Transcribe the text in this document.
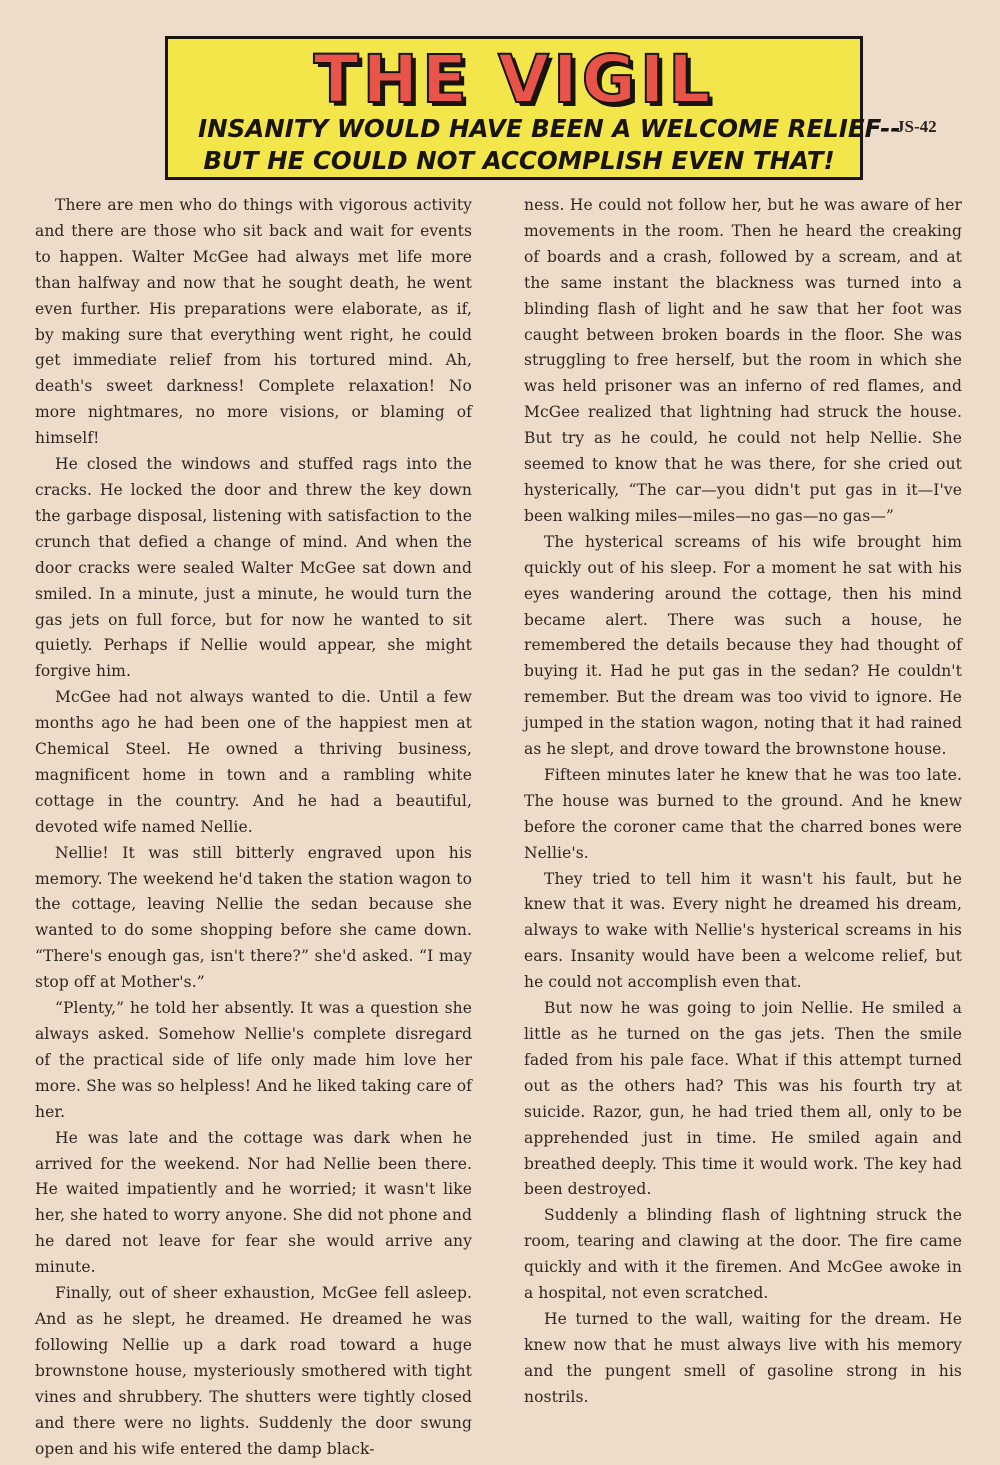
THE VIGIL
INSANITY WOULD HAVE BEEN A WELCOME RELIEF--
BUT HE COULD NOT ACCOMPLISH EVEN THAT!
JS-42

There are men who do things with vigorous activity and there are those who sit back and wait for events to happen. Walter McGee had always met life more than halfway and now that he sought death, he went even further. His preparations were elaborate, as if, by making sure that everything went right, he could get immediate relief from his tortured mind. Ah, death's sweet darkness! Complete relaxation! No more nightmares, no more visions, or blaming of himself!

He closed the windows and stuffed rags into the cracks. He locked the door and threw the key down the garbage disposal, listening with satisfaction to the crunch that defied a change of mind. And when the door cracks were sealed Walter McGee sat down and smiled. In a minute, just a minute, he would turn the gas jets on full force, but for now he wanted to sit quietly. Perhaps if Nellie would appear, she might forgive him.

McGee had not always wanted to die. Until a few months ago he had been one of the happiest men at Chemical Steel. He owned a thriving business, magnificent home in town and a rambling white cottage in the country. And he had a beautiful, devoted wife named Nellie.

Nellie! It was still bitterly engraved upon his memory. The weekend he'd taken the station wagon to the cottage, leaving Nellie the sedan because she wanted to do some shopping before she came down. “There's enough gas, isn't there?” she'd asked. “I may stop off at Mother's.”

“Plenty,” he told her absently. It was a question she always asked. Somehow Nellie's complete disregard of the practical side of life only made him love her more. She was so helpless! And he liked taking care of her.

He was late and the cottage was dark when he arrived for the weekend. Nor had Nellie been there. He waited impatiently and he worried; it wasn't like her, she hated to worry anyone. She did not phone and he dared not leave for fear she would arrive any minute.

Finally, out of sheer exhaustion, McGee fell asleep. And as he slept, he dreamed. He dreamed he was following Nellie up a dark road toward a huge brownstone house, mysteriously smothered with tight vines and shrubbery. The shutters were tightly closed and there were no lights. Suddenly the door swung open and his wife entered the damp black-

ness. He could not follow her, but he was aware of her movements in the room. Then he heard the creaking of boards and a crash, followed by a scream, and at the same instant the blackness was turned into a blinding flash of light and he saw that her foot was caught between broken boards in the floor. She was struggling to free herself, but the room in which she was held prisoner was an inferno of red flames, and McGee realized that lightning had struck the house. But try as he could, he could not help Nellie. She seemed to know that he was there, for she cried out hysterically, “The car—you didn't put gas in it—I've been walking miles—miles—no gas—no gas—”

The hysterical screams of his wife brought him quickly out of his sleep. For a moment he sat with his eyes wandering around the cottage, then his mind became alert. There was such a house, he remembered the details because they had thought of buying it. Had he put gas in the sedan? He couldn't remember. But the dream was too vivid to ignore. He jumped in the station wagon, noting that it had rained as he slept, and drove toward the brownstone house.

Fifteen minutes later he knew that he was too late. The house was burned to the ground. And he knew before the coroner came that the charred bones were Nellie's.

They tried to tell him it wasn't his fault, but he knew that it was. Every night he dreamed his dream, always to wake with Nellie's hysterical screams in his ears. Insanity would have been a welcome relief, but he could not accomplish even that.

But now he was going to join Nellie. He smiled a little as he turned on the gas jets. Then the smile faded from his pale face. What if this attempt turned out as the others had? This was his fourth try at suicide. Razor, gun, he had tried them all, only to be apprehended just in time. He smiled again and breathed deeply. This time it would work. The key had been destroyed.

Suddenly a blinding flash of lightning struck the room, tearing and clawing at the door. The fire came quickly and with it the firemen. And McGee awoke in a hospital, not even scratched.

He turned to the wall, waiting for the dream. He knew now that he must always live with his memory and the pungent smell of gasoline strong in his nostrils.
